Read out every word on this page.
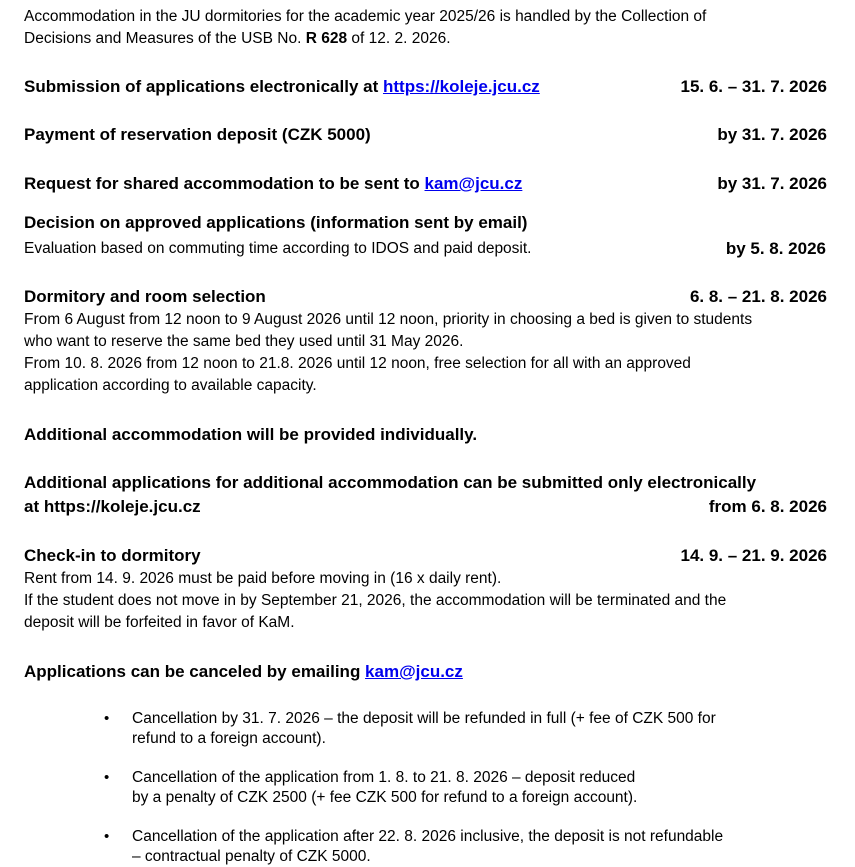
Accommodation in the JU dormitories for the academic year 2025/26 is handled by the Collection of
Decisions and Measures of the USB No. R 628 of 12. 2. 2026.
Submission of applications electronically at https://koleje.jcu.cz	15. 6. – 31. 7. 2026
Payment of reservation deposit (CZK 5000)	by 31. 7. 2026
Request for shared accommodation to be sent to kam@jcu.cz	by 31. 7. 2026
Decision on approved applications (information sent by email)
Evaluation based on commuting time according to IDOS and paid deposit.	by 5. 8. 2026
Dormitory and room selection	6. 8. – 21. 8. 2026
From 6 August from 12 noon to 9 August 2026 until 12 noon, priority in choosing a bed is given to students
who want to reserve the same bed they used until 31 May 2026.
From 10. 8. 2026 from 12 noon to 21.8. 2026 until 12 noon, free selection for all with an approved
application according to available capacity.
Additional accommodation will be provided individually.
Additional applications for additional accommodation can be submitted only electronically
at https://koleje.jcu.cz	from 6. 8. 2026
Check-in to dormitory	14. 9. – 21. 9. 2026
Rent from 14. 9. 2026 must be paid before moving in (16 x daily rent).
If the student does not move in by September 21, 2026, the accommodation will be terminated and the
deposit will be forfeited in favor of KaM.
Applications can be canceled by emailing kam@jcu.cz
• Cancellation by 31. 7. 2026 – the deposit will be refunded in full (+ fee of CZK 500 for
refund to a foreign account).
• Cancellation of the application from 1. 8. to 21. 8. 2026 – deposit reduced
by a penalty of CZK 2500 (+ fee CZK 500 for refund to a foreign account).
• Cancellation of the application after 22. 8. 2026 inclusive, the deposit is not refundable
– contractual penalty of CZK 5000.
